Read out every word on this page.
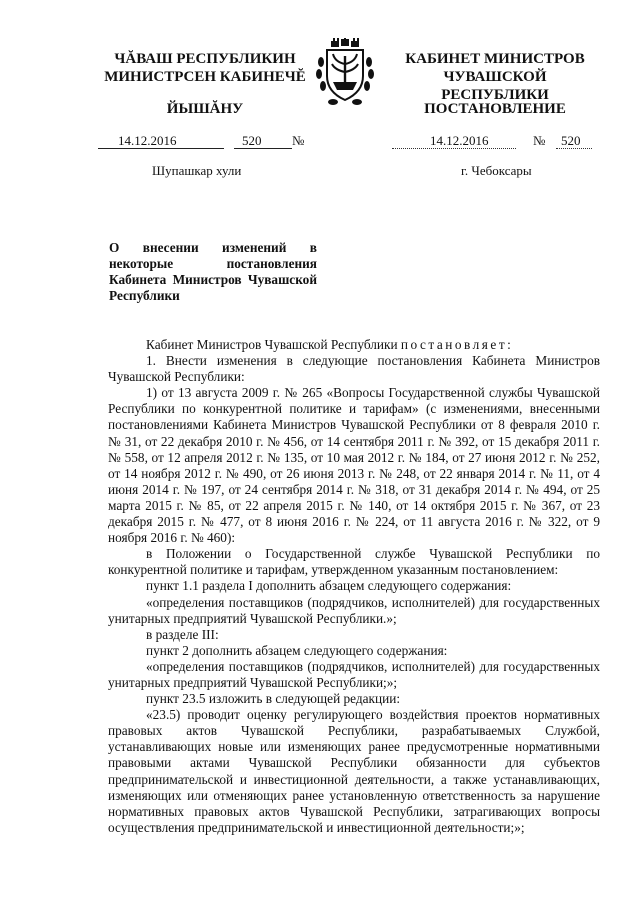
ЧĂВАШ РЕСПУБЛИКИН
МИНИСТРСЕН КАБИНЕЧĔ
ЙЫШĂНУ
КАБИНЕТ МИНИСТРОВ
ЧУВАШСКОЙ РЕСПУБЛИКИ
ПОСТАНОВЛЕНИЕ
14.12.2016	520 №	14.12.2016	№ 520
Шупашкар хули	г. Чебоксары
О внесении изменений в некоторые постановления Кабинета Министров Чувашской Республики

Кабинет Министров Чувашской Республики постановляет:

1. Внести изменения в следующие постановления Кабинета Министров Чувашской Республики:

1) от 13 августа 2009 г. № 265 «Вопросы Государственной службы Чувашской Республики по конкурентной политике и тарифам» (с изменениями, внесенными постановлениями Кабинета Министров Чувашской Республики от 8 февраля 2010 г. № 31, от 22 декабря 2010 г. № 456, от 14 сентября 2011 г. № 392, от 15 декабря 2011 г. № 558, от 12 апреля 2012 г. № 135, от 10 мая 2012 г. № 184, от 27 июня 2012 г. № 252, от 14 ноября 2012 г. № 490, от 26 июня 2013 г. № 248, от 22 января 2014 г. № 11, от 4 июня 2014 г. № 197, от 24 сентября 2014 г. № 318, от 31 декабря 2014 г. № 494, от 25 марта 2015 г. № 85, от 22 апреля 2015 г. № 140, от 14 октября 2015 г. № 367, от 23 декабря 2015 г. № 477, от 8 июня 2016 г. № 224, от 11 августа 2016 г. № 322, от 9 ноября 2016 г. № 460):

в Положении о Государственной службе Чувашской Республики по конкурентной политике и тарифам, утвержденном указанным постановлением:

пункт 1.1 раздела I дополнить абзацем следующего содержания:

«определения поставщиков (подрядчиков, исполнителей) для государственных унитарных предприятий Чувашской Республики.»;

в разделе III:

пункт 2 дополнить абзацем следующего содержания:

«определения поставщиков (подрядчиков, исполнителей) для государственных унитарных предприятий Чувашской Республики;»;

пункт 23.5 изложить в следующей редакции:

«23.5) проводит оценку регулирующего воздействия проектов нормативных правовых актов Чувашской Республики, разрабатываемых Службой, устанавливающих новые или изменяющих ранее предусмотренные нормативными правовыми актами Чувашской Республики обязанности для субъектов предпринимательской и инвестиционной деятельности, а также устанавливающих, изменяющих или отменяющих ранее установленную ответственность за нарушение нормативных правовых актов Чувашской Республики, затрагивающих вопросы осуществления предпринимательской и инвестиционной деятельности;»;
